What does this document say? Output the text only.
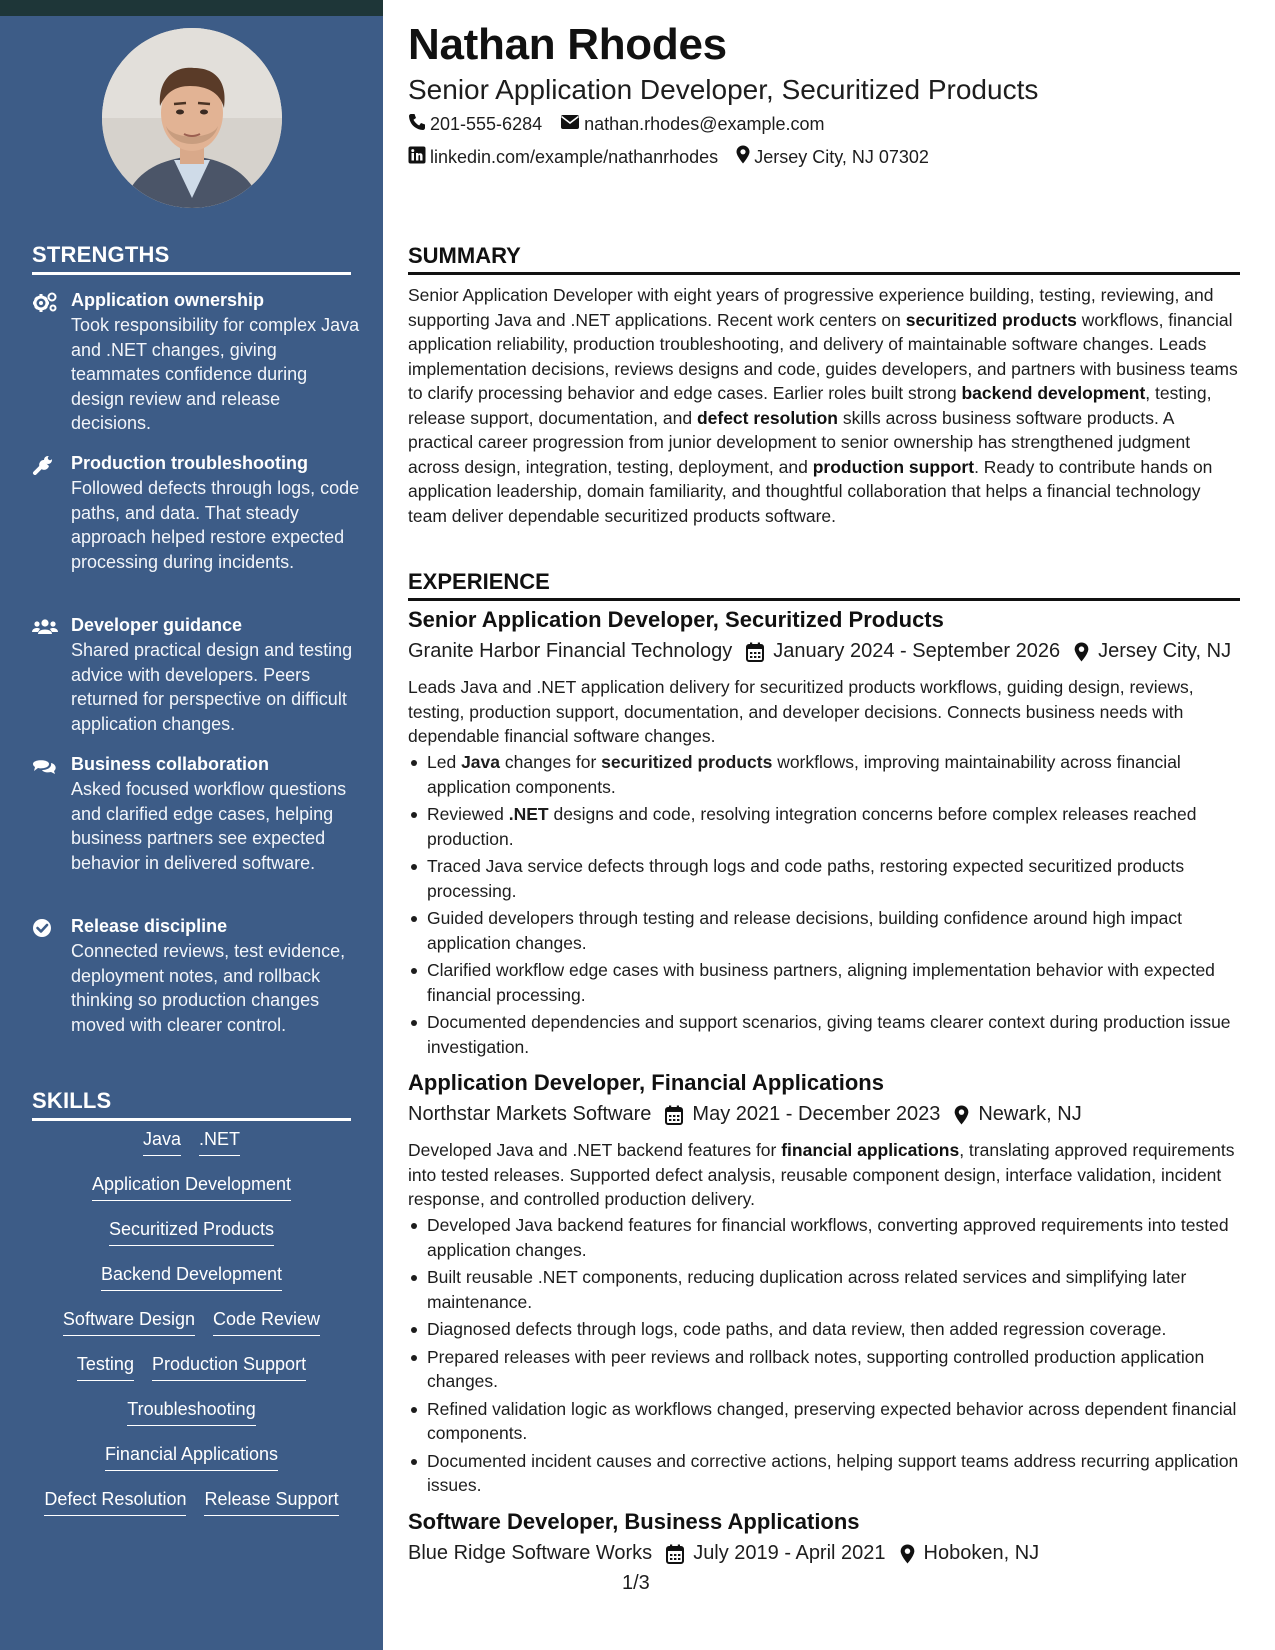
STRENGTHS
Application ownership
Took responsibility for complex Java and .NET changes, giving teammates confidence during design review and release decisions.
Production troubleshooting
Followed defects through logs, code paths, and data. That steady approach helped restore expected processing during incidents.
Developer guidance
Shared practical design and testing advice with developers. Peers returned for perspective on difficult application changes.
Business collaboration
Asked focused workflow questions and clarified edge cases, helping business partners see expected behavior in delivered software.
Release discipline
Connected reviews, test evidence, deployment notes, and rollback thinking so production changes moved with clearer control.
SKILLS
Java .NET
Application Development
Securitized Products
Backend Development
Software Design Code Review
Testing Production Support
Troubleshooting
Financial Applications
Defect Resolution Release Support
Nathan Rhodes
Senior Application Developer, Securitized Products
201-555-6284 nathan.rhodes@example.com
linkedin.com/example/nathanrhodes Jersey City, NJ 07302
SUMMARY
Senior Application Developer with eight years of progressive experience building, testing, reviewing, and supporting Java and .NET applications. Recent work centers on securitized products workflows, financial application reliability, production troubleshooting, and delivery of maintainable software changes. Leads implementation decisions, reviews designs and code, guides developers, and partners with business teams to clarify processing behavior and edge cases. Earlier roles built strong backend development, testing, release support, documentation, and defect resolution skills across business software products. A practical career progression from junior development to senior ownership has strengthened judgment across design, integration, testing, deployment, and production support. Ready to contribute hands on application leadership, domain familiarity, and thoughtful collaboration that helps a financial technology team deliver dependable securitized products software.
EXPERIENCE
Senior Application Developer, Securitized Products
Granite Harbor Financial Technology January 2024 - September 2026 Jersey City, NJ
Leads Java and .NET application delivery for securitized products workflows, guiding design, reviews, testing, production support, documentation, and developer decisions. Connects business needs with dependable financial software changes.
Led Java changes for securitized products workflows, improving maintainability across financial application components.
Reviewed .NET designs and code, resolving integration concerns before complex releases reached production.
Traced Java service defects through logs and code paths, restoring expected securitized products processing.
Guided developers through testing and release decisions, building confidence around high impact application changes.
Clarified workflow edge cases with business partners, aligning implementation behavior with expected financial processing.
Documented dependencies and support scenarios, giving teams clearer context during production issue investigation.
Application Developer, Financial Applications
Northstar Markets Software May 2021 - December 2023 Newark, NJ
Developed Java and .NET backend features for financial applications, translating approved requirements into tested releases. Supported defect analysis, reusable component design, interface validation, incident response, and controlled production delivery.
Developed Java backend features for financial workflows, converting approved requirements into tested application changes.
Built reusable .NET components, reducing duplication across related services and simplifying later maintenance.
Diagnosed defects through logs, code paths, and data review, then added regression coverage.
Prepared releases with peer reviews and rollback notes, supporting controlled production application changes.
Refined validation logic as workflows changed, preserving expected behavior across dependent financial components.
Documented incident causes and corrective actions, helping support teams address recurring application issues.
Software Developer, Business Applications
Blue Ridge Software Works July 2019 - April 2021 Hoboken, NJ
1/3
